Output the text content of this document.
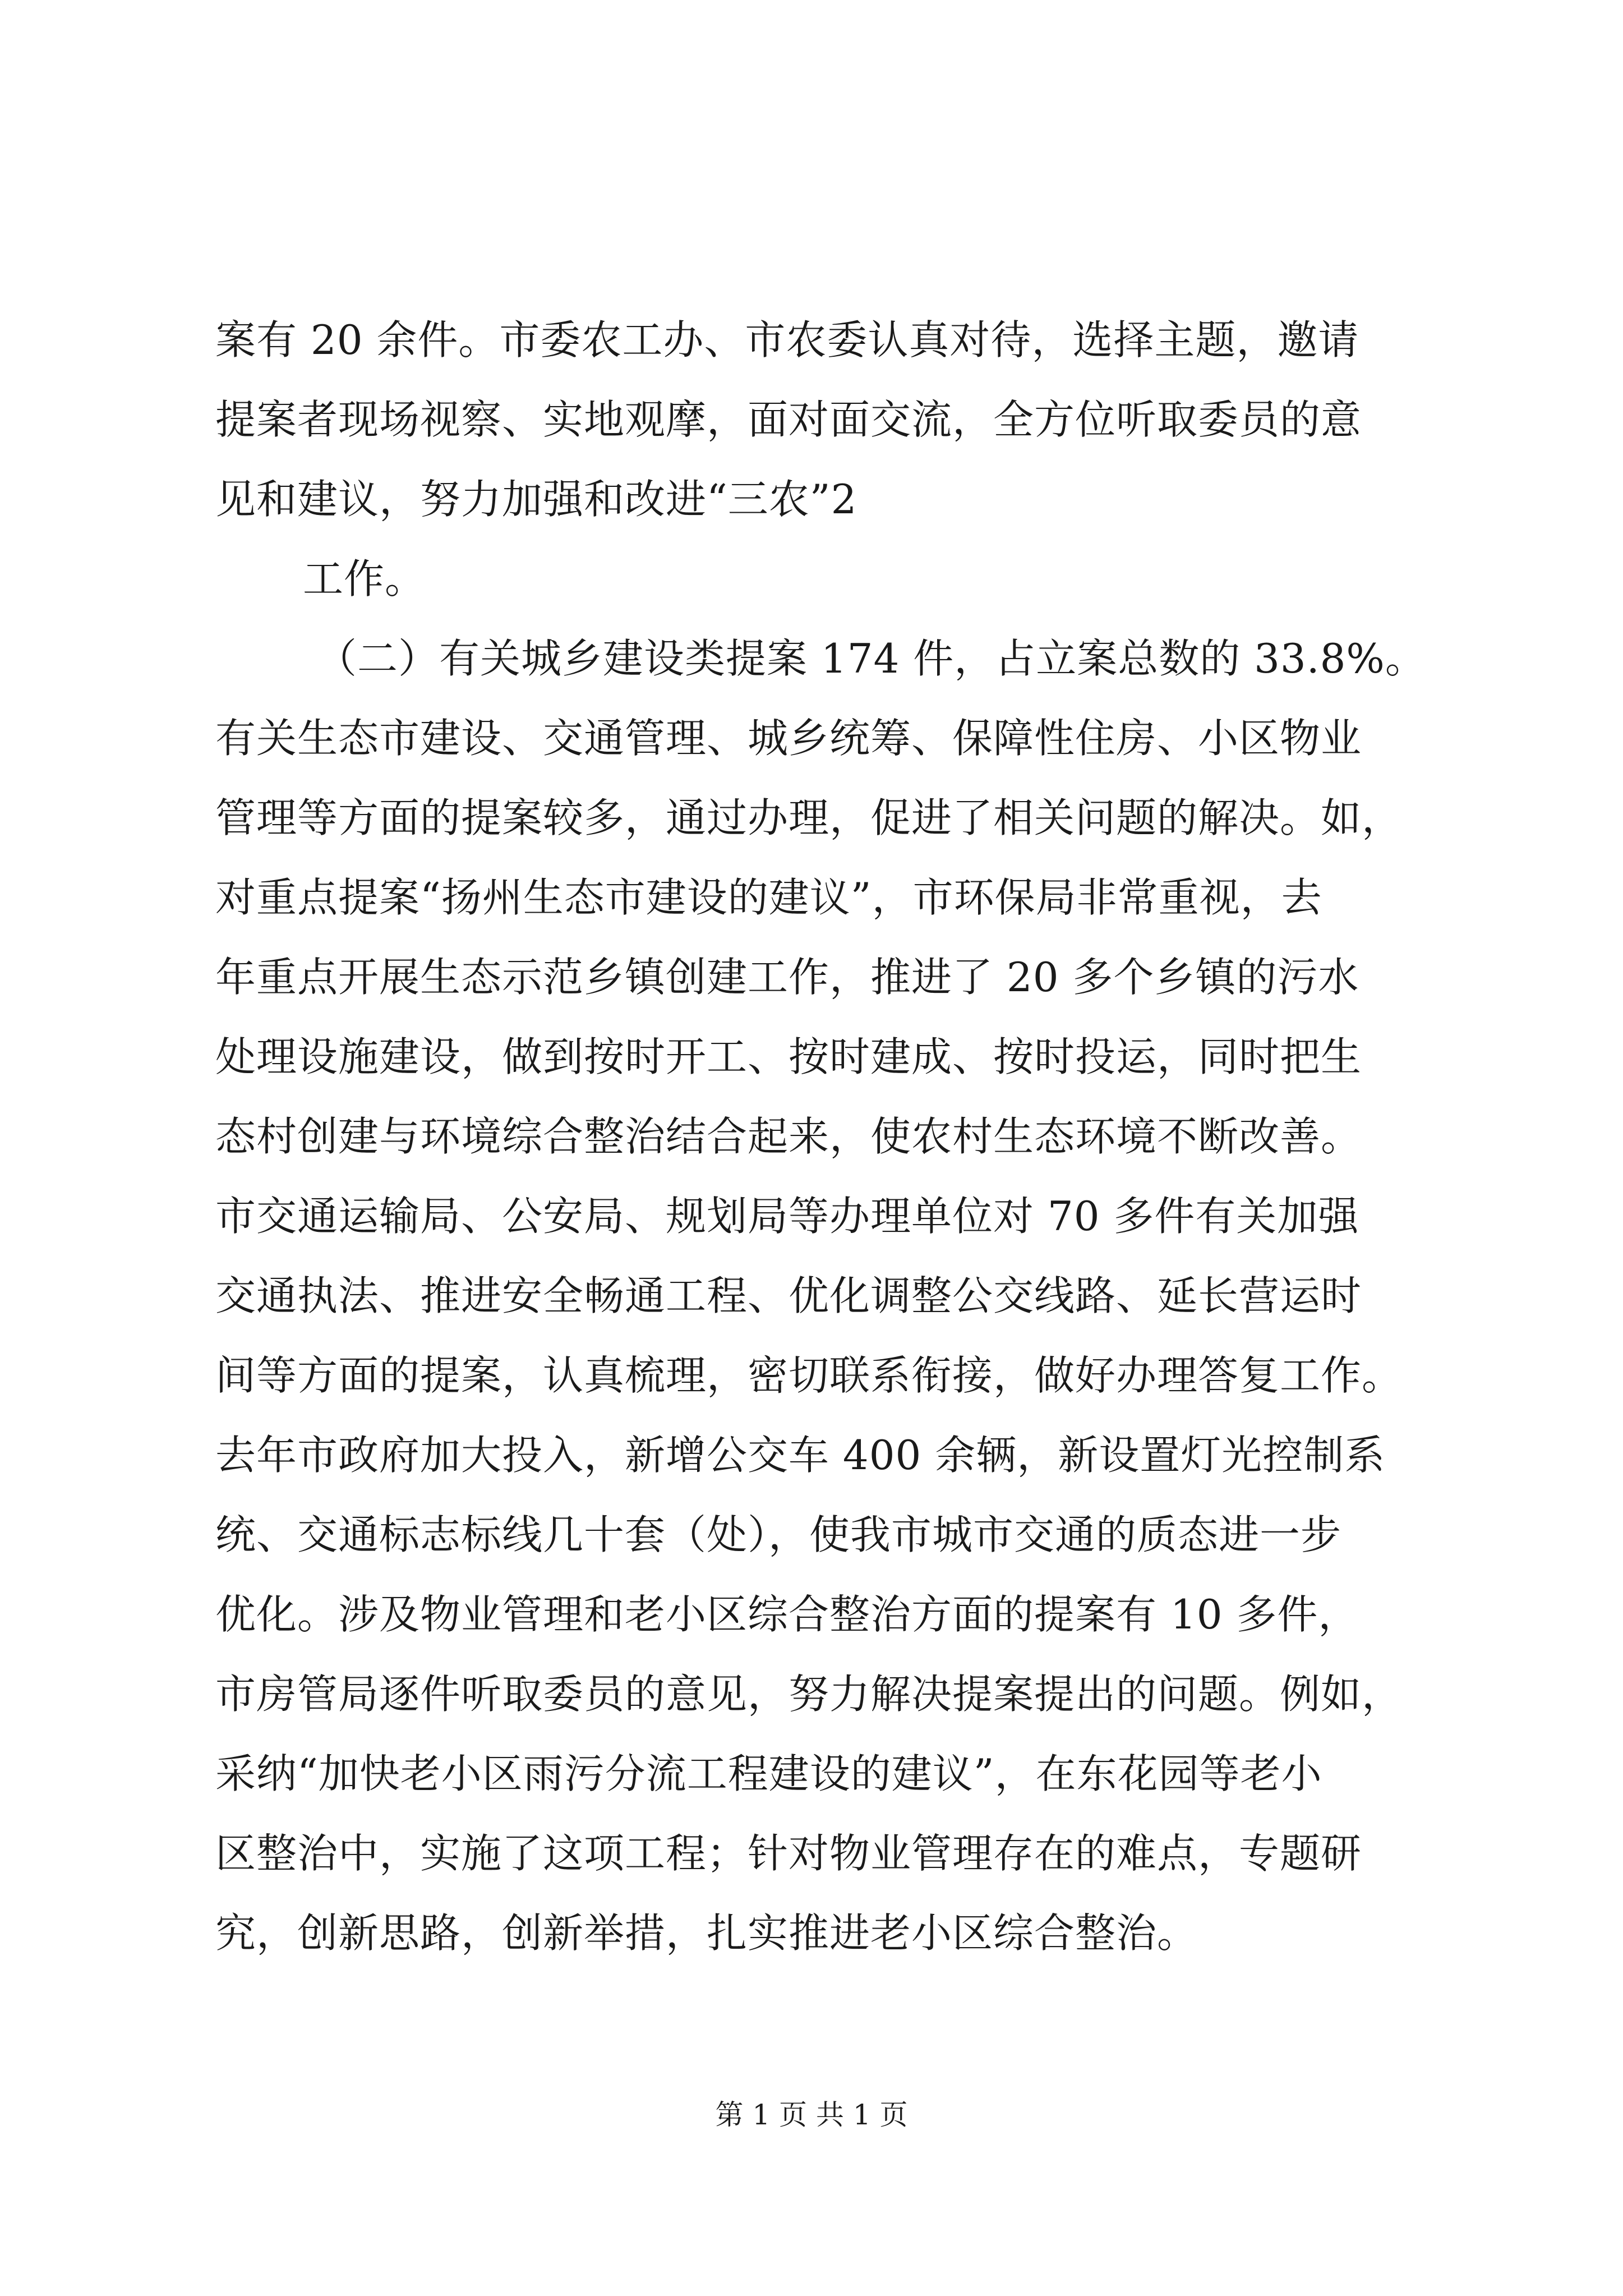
案有 20 余件。市委农工办、市农委认真对待，选择主题，邀请
提案者现场视察、实地观摩，面对面交流，全方位听取委员的意
见和建议，努力加强和改进“三农”2
工作。
（二）有关城乡建设类提案 174 件，占立案总数的 33.8%。
有关生态市建设、交通管理、城乡统筹、保障性住房、小区物业
管理等方面的提案较多，通过办理，促进了相关问题的解决。如，
对重点提案“扬州生态市建设的建议”，市环保局非常重视，去
年重点开展生态示范乡镇创建工作，推进了 20 多个乡镇的污水
处理设施建设，做到按时开工、按时建成、按时投运，同时把生
态村创建与环境综合整治结合起来，使农村生态环境不断改善。
市交通运输局、公安局、规划局等办理单位对 70 多件有关加强
交通执法、推进安全畅通工程、优化调整公交线路、延长营运时
间等方面的提案，认真梳理，密切联系衔接，做好办理答复工作。
去年市政府加大投入，新增公交车 400 余辆，新设置灯光控制系
统、交通标志标线几十套（处），使我市城市交通的质态进一步
优化。涉及物业管理和老小区综合整治方面的提案有 10 多件，
市房管局逐件听取委员的意见，努力解决提案提出的问题。例如，
采纳“加快老小区雨污分流工程建设的建议”，在东花园等老小
区整治中，实施了这项工程；针对物业管理存在的难点，专题研
究，创新思路，创新举措，扎实推进老小区综合整治。
第 1 页 共 1 页
